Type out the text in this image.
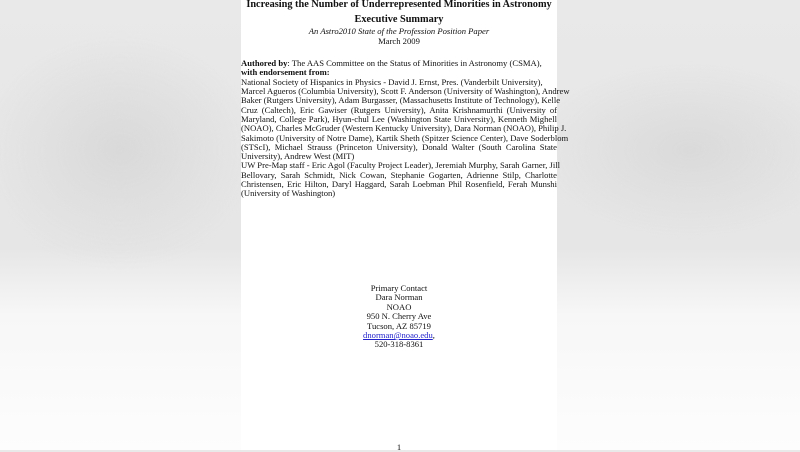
Increasing the Number of Underrepresented Minorities in Astronomy
Executive Summary
An Astro2010 State of the Profession Position Paper
March 2009
Authored by: The AAS Committee on the Status of Minorities in Astronomy (CSMA),
with endorsement from:
National Society of Hispanics in Physics - David J. Ernst, Pres. (Vanderbilt University),
Marcel Agueros (Columbia University), Scott F. Anderson (University of Washington), Andrew
Baker (Rutgers University), Adam Burgasser, (Massachusetts Institute of Technology), Kelle
Cruz (Caltech), Eric Gawiser (Rutgers University), Anita Krishnamurthi (University of
Maryland, College Park), Hyun-chul Lee (Washington State University), Kenneth Mighell
(NOAO), Charles McGruder (Western Kentucky University), Dara Norman (NOAO), Philip J.
Sakimoto (University of Notre Dame), Kartik Sheth (Spitzer Science Center), Dave Soderblom
(STScI), Michael Strauss (Princeton University), Donald Walter (South Carolina State
University), Andrew West (MIT)
UW Pre-Map staff - Eric Agol (Faculty Project Leader), Jeremiah Murphy, Sarah Garner, Jill
Bellovary, Sarah Schmidt, Nick Cowan, Stephanie Gogarten, Adrienne Stilp, Charlotte
Christensen, Eric Hilton, Daryl Haggard, Sarah Loebman Phil Rosenfield, Ferah Munshi
(University of Washington)
Primary Contact
Dara Norman
NOAO
950 N. Cherry Ave
Tucson, AZ 85719
dnorman@noao.edu,
520-318-8361
1
